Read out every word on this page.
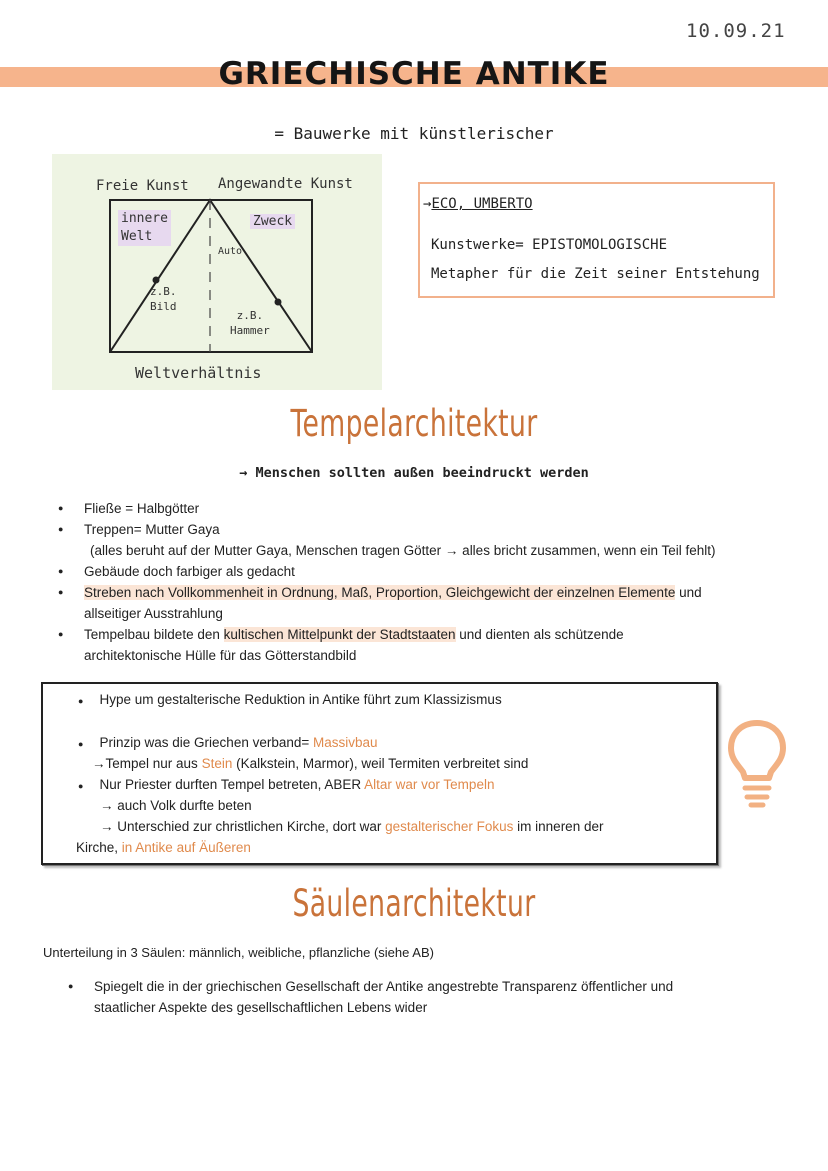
10.09.21
GRIECHISCHE ANTIKE
= Bauwerke mit künstlerischer
Freie Kunst Angewandte Kunst
innere
Welt
Zweck
Auto
z.B.
Bild
z.B.
Hammer
Weltverhältnis
→ECO, UMBERTO
Kunstwerke= EPISTOMOLOGISCHE
Metapher für die Zeit seiner Entstehung
Tempelarchitektur
→ Menschen sollten außen beeindruckt werden
● Fließe = Halbgötter
● Treppen= Mutter Gaya
(alles beruht auf der Mutter Gaya, Menschen tragen Götter → alles bricht zusammen, wenn ein Teil fehlt)
● Gebäude doch farbiger als gedacht
● Streben nach Vollkommenheit in Ordnung, Maß, Proportion, Gleichgewicht der einzelnen Elemente und
allseitiger Ausstrahlung
● Tempelbau bildete den kultischen Mittelpunkt der Stadtstaaten und dienten als schützende
architektonische Hülle für das Götterstandbild
● Hype um gestalterische Reduktion in Antike führt zum Klassizismus
● Prinzip was die Griechen verband= Massivbau
→Tempel nur aus Stein (Kalkstein, Marmor), weil Termiten verbreitet sind
● Nur Priester durften Tempel betreten, ABER Altar war vor Tempeln
→ auch Volk durfte beten
→ Unterschied zur christlichen Kirche, dort war gestalterischer Fokus im inneren der
Kirche, in Antike auf Äußeren
Säulenarchitektur
Unterteilung in 3 Säulen: männlich, weibliche, pflanzliche (siehe AB)
● Spiegelt die in der griechischen Gesellschaft der Antike angestrebte Transparenz öffentlicher und
staatlicher Aspekte des gesellschaftlichen Lebens wider
